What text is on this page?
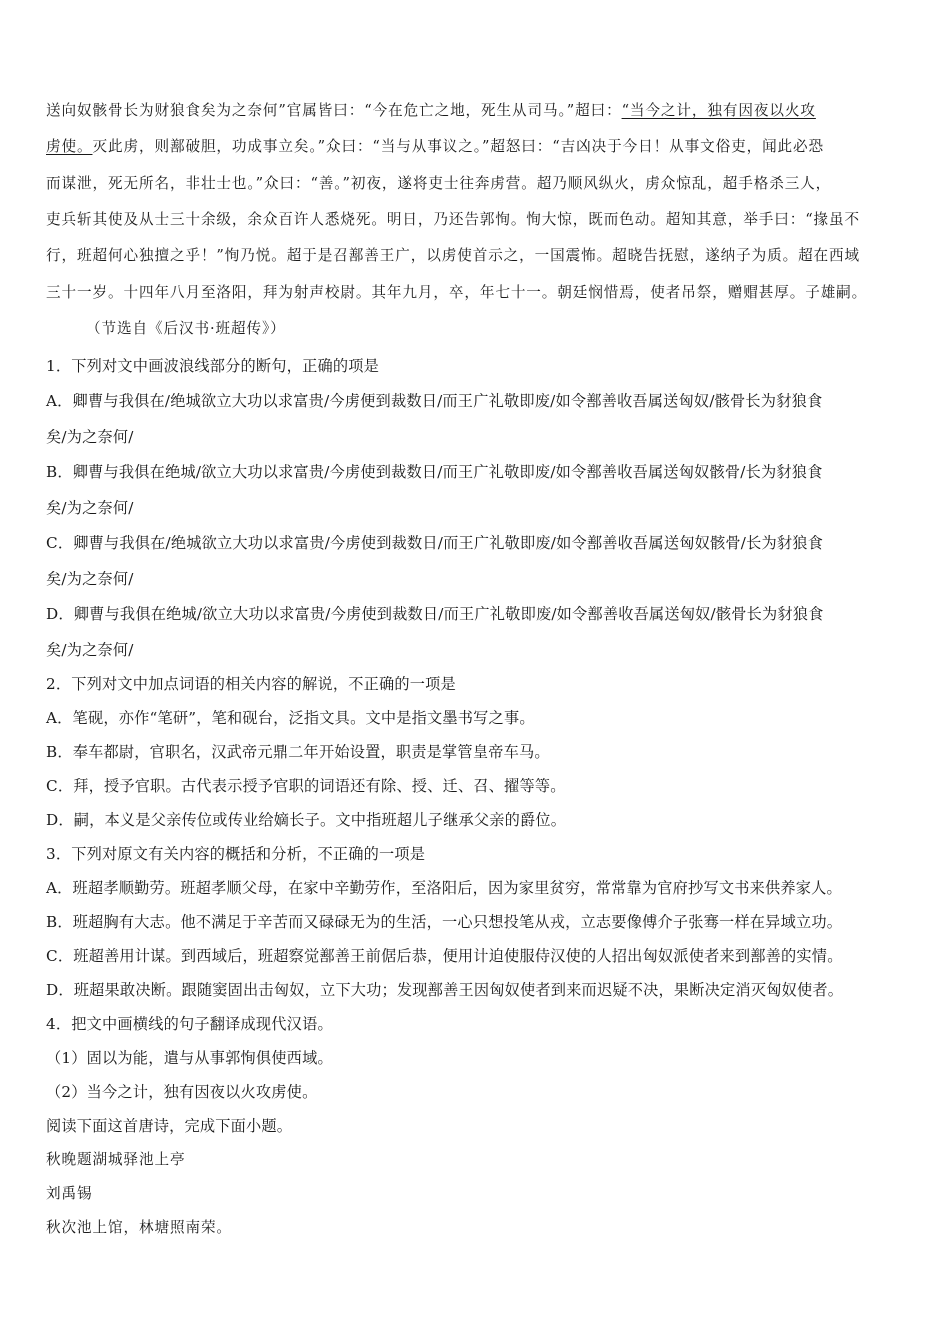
送向奴骸骨长为财狼食矣为之奈何”官属皆曰：“今在危亡之地，死生从司马。”超曰：“当今之计，独有因夜以火攻
虏使。灭此虏，则鄯破胆，功成事立矣。”众曰：“当与从事议之。”超怒曰：“吉凶决于今日！从事文俗吏，闻此必恐
而谋泄，死无所名，非壮士也。”众曰：“善。”初夜，遂将吏士往奔虏营。超乃顺风纵火，虏众惊乱，超手格杀三人，
吏兵斩其使及从士三十余级，余众百许人悉烧死。明日，乃还告郭恂。恂大惊，既而色动。超知其意，举手曰：“掾虽不
行，班超何心独擅之乎！”恂乃悦。超于是召鄯善王广，以虏使首示之，一国震怖。超晓告抚慰，遂纳子为质。超在西域
三十一岁。十四年八月至洛阳，拜为射声校尉。其年九月，卒，年七十一。朝廷悯惜焉，使者吊祭，赠赗甚厚。子雄嗣。
（节选自《后汉书·班超传》）
1．下列对文中画波浪线部分的断句，正确的项是
A．卿曹与我俱在/绝城欲立大功以求富贵/今虏便到裁数日/而王广礼敬即废/如令鄯善收吾属送匈奴/骸骨长为豺狼食
矣/为之奈何/
B．卿曹与我俱在绝城/欲立大功以求富贵/今虏使到裁数日/而王广礼敬即废/如令鄯善收吾属送匈奴骸骨/长为豺狼食
矣/为之奈何/
C．卿曹与我俱在/绝城欲立大功以求富贵/今虏使到裁数日/而王广礼敬即废/如令鄯善收吾属送匈奴骸骨/长为豺狼食
矣/为之奈何/
D．卿曹与我俱在绝城/欲立大功以求富贵/今虏使到裁数日/而王广礼敬即废/如令鄯善收吾属送匈奴/骸骨长为豺狼食
矣/为之奈何/
2．下列对文中加点词语的相关内容的解说，不正确的一项是
A．笔砚，亦作“笔研”，笔和砚台，泛指文具。文中是指文墨书写之事。
B．奉车都尉，官职名，汉武帝元鼎二年开始设置，职责是掌管皇帝车马。
C．拜，授予官职。古代表示授予官职的词语还有除、授、迁、召、擢等等。
D．嗣，本义是父亲传位或传业给嫡长子。文中指班超儿子继承父亲的爵位。
3．下列对原文有关内容的概括和分析，不正确的一项是
A．班超孝顺勤劳。班超孝顺父母，在家中辛勤劳作，至洛阳后，因为家里贫穷，常常靠为官府抄写文书来供养家人。
B．班超胸有大志。他不满足于辛苦而又碌碌无为的生活，一心只想投笔从戎，立志要像傅介子张骞一样在异域立功。
C．班超善用计谋。到西域后，班超察觉鄯善王前倨后恭，便用计迫使服侍汉使的人招出匈奴派使者来到鄯善的实情。
D．班超果敢决断。跟随窦固出击匈奴，立下大功；发现鄯善王因匈奴使者到来而迟疑不决，果断决定消灭匈奴使者。
4．把文中画横线的句子翻译成现代汉语。
（1）固以为能，遣与从事郭恂俱使西域。
（2）当今之计，独有因夜以火攻虏使。
阅读下面这首唐诗，完成下面小题。
秋晚题湖城驿池上亭
刘禹锡
秋次池上馆，林塘照南荣。
